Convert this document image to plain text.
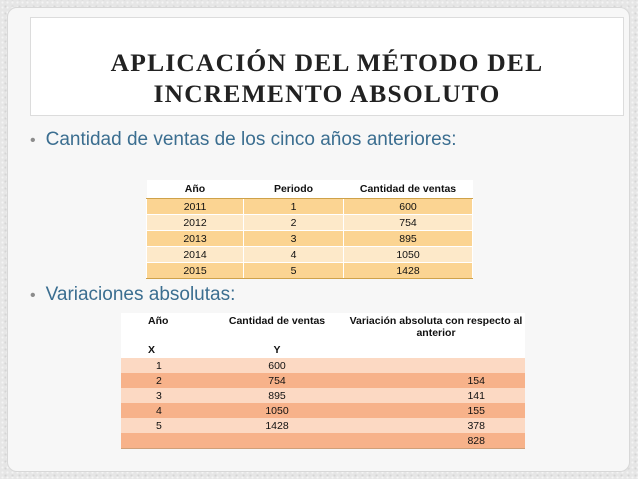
APLICACIÓN DEL MÉTODO DEL
INCREMENTO ABSOLUTO
• Cantidad de ventas de los cinco años anteriores:
Año	Periodo	Cantidad de ventas
2011	1	600
2012	2	754
2013	3	895
2014	4	1050
2015	5	1428
• Variaciones absolutas:
Año	Cantidad de ventas	Variación absoluta con respecto al anterior
X	Y	
1	600	
2	754	154
3	895	141
4	1050	155
5	1428	378
		828
